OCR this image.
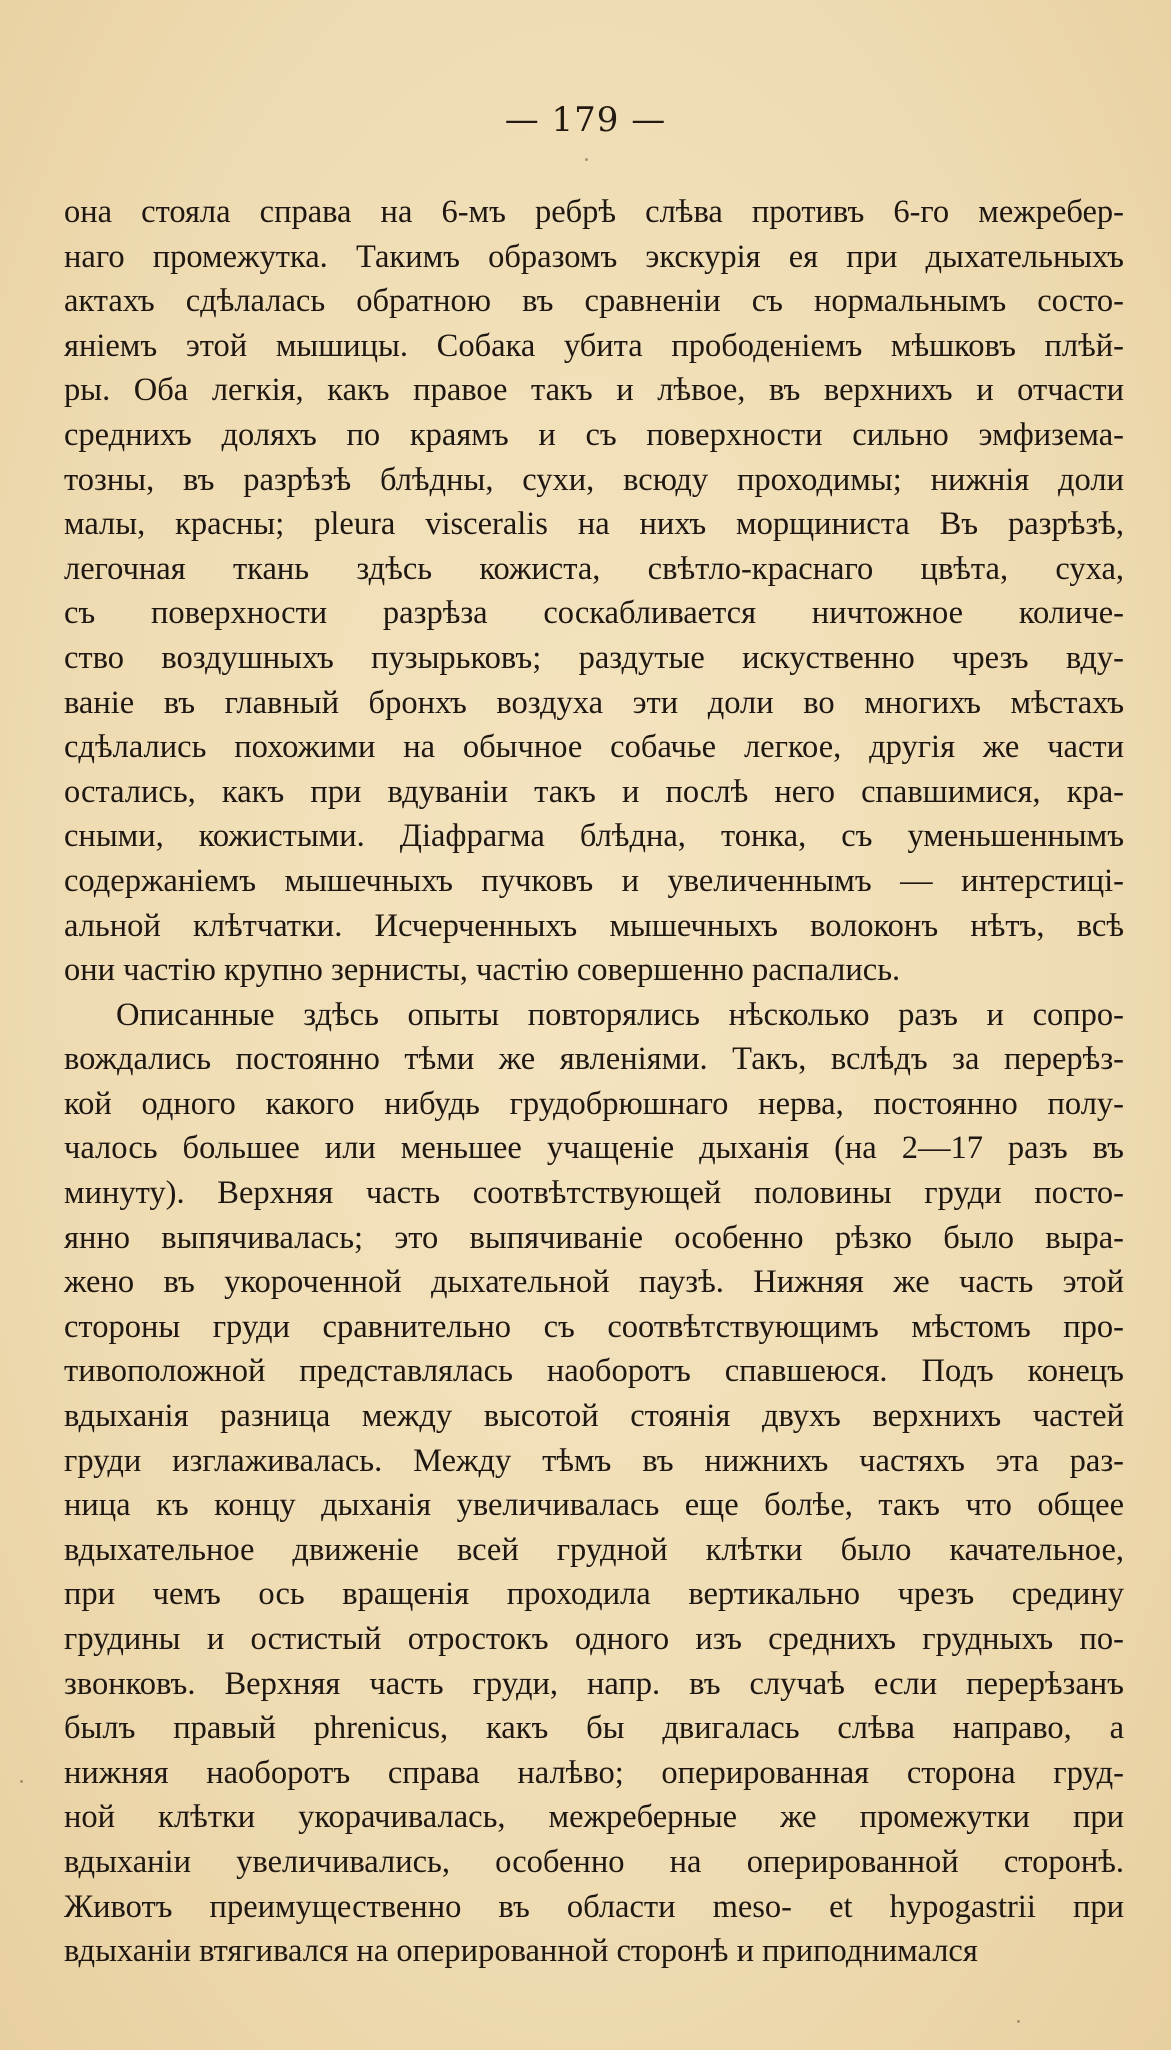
— 179 —
она стояла справа на 6-мъ ребрѣ слѣва противъ 6-го межребер-
наго промежутка. Такимъ образомъ экскурія ея при дыхательныхъ
актахъ сдѣлалась обратною въ сравненіи съ нормальнымъ состо-
яніемъ этой мышицы. Собака убита прободеніемъ мѣшковъ плѣй-
ры. Оба легкія, какъ правое такъ и лѣвое, въ верхнихъ и отчасти
среднихъ доляхъ по краямъ и съ поверхности сильно эмфизема-
тозны, въ разрѣзѣ блѣдны, сухи, всюду проходимы; нижнія доли
малы, красны; pleura visceralis на нихъ морщиниста Въ разрѣзѣ,
легочная ткань здѣсь кожиста, свѣтло-краснаго цвѣта, суха,
съ поверхности разрѣза соскабливается ничтожное количе-
ство воздушныхъ пузырьковъ; раздутые искуственно чрезъ вду-
ваніе въ главный бронхъ воздуха эти доли во многихъ мѣстахъ
сдѣлались похожими на обычное собачье легкое, другія же части
остались, какъ при вдуваніи такъ и послѣ него спавшимися, кра-
сными, кожистыми. Діафрагма блѣдна, тонка, съ уменьшеннымъ
содержаніемъ мышечныхъ пучковъ и увеличеннымъ — интерстиці-
альной клѣтчатки. Исчерченныхъ мышечныхъ волоконъ нѣтъ, всѣ
они частію крупно зернисты, частію совершенно распались.
Описанные здѣсь опыты повторялись нѣсколько разъ и сопро-
вождались постоянно тѣми же явленіями. Такъ, вслѣдъ за перерѣз-
кой одного какого нибудь грудобрюшнаго нерва, постоянно полу-
чалось большее или меньшее учащеніе дыханія (на 2—17 разъ въ
минуту). Верхняя часть соотвѣтствующей половины груди посто-
янно выпячивалась; это выпячиваніе особенно рѣзко было выра-
жено въ укороченной дыхательной паузѣ. Нижняя же часть этой
стороны груди сравнительно съ соотвѣтствующимъ мѣстомъ про-
тивоположной представлялась наоборотъ спавшеюся. Подъ конецъ
вдыханія разница между высотой стоянія двухъ верхнихъ частей
груди изглаживалась. Между тѣмъ въ нижнихъ частяхъ эта раз-
ница къ концу дыханія увеличивалась еще болѣе, такъ что общее
вдыхательное движеніе всей грудной клѣтки было качательное,
при чемъ ось вращенія проходила вертикально чрезъ средину
грудины и остистый отростокъ одного изъ среднихъ грудныхъ по-
звонковъ. Верхняя часть груди, напр. въ случаѣ если перерѣзанъ
былъ правый phrenicus, какъ бы двигалась слѣва направо, а
нижняя наоборотъ справа налѣво; оперированная сторона груд-
ной клѣтки укорачивалась, межреберные же промежутки при
вдыханіи увеличивались, особенно на оперированной сторонѣ.
Животъ преимущественно въ области meso- et hypogastrii при
вдыханіи втягивался на оперированной сторонѣ и приподнимался
